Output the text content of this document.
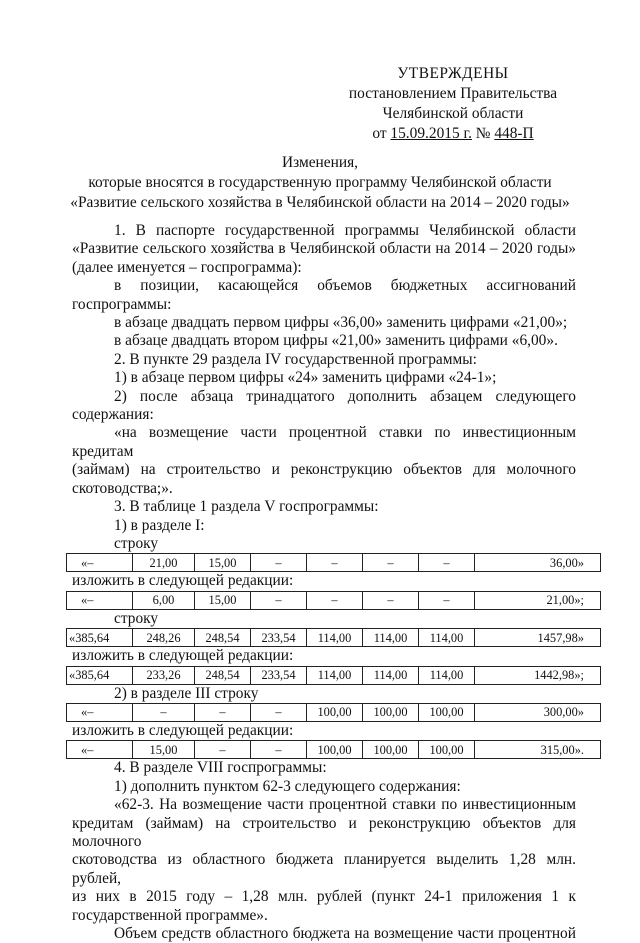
УТВЕРЖДЕНЫ
постановлением Правительства
Челябинской области
от 15.09.2015 г. № 448-П
Изменения,
которые вносятся в государственную программу Челябинской области
«Развитие сельского хозяйства в Челябинской области на 2014 – 2020 годы»

1. В паспорте государственной программы Челябинской области

«Развитие сельского хозяйства в Челябинской области на 2014 – 2020 годы»

(далее именуется – госпрограмма):

в позиции, касающейся объемов бюджетных ассигнований

госпрограммы:

в абзаце двадцать первом цифры «36,00» заменить цифрами «21,00»;

в абзаце двадцать втором цифры «21,00» заменить цифрами «6,00».

2. В пункте 29 раздела IV государственной программы:

1) в абзаце первом цифры «24» заменить цифрами «24-1»;

2) после абзаца тринадцатого дополнить абзацем следующего

содержания:

«на возмещение части процентной ставки по инвестиционным кредитам

(займам) на строительство и реконструкцию объектов для молочного

скотоводства;».

3. В таблице 1 раздела V госпрограммы:

1) в разделе I:

строку

«–	21,00	15,00	–	–	–	–	36,00»

изложить в следующей редакции:

«–	6,00	15,00	–	–	–	–	21,00»;

строку

«385,64	248,26	248,54	233,54	114,00	114,00	114,00	1457,98»

изложить в следующей редакции:

«385,64	233,26	248,54	233,54	114,00	114,00	114,00	1442,98»;

2) в разделе III строку

«–	–	–	–	100,00	100,00	100,00	300,00»

изложить в следующей редакции:

«–	15,00	–	–	100,00	100,00	100,00	315,00».

4. В разделе VIII госпрограммы:

1) дополнить пунктом 62-3 следующего содержания:

«62-3. На возмещение части процентной ставки по инвестиционным

кредитам (займам) на строительство и реконструкцию объектов для молочного

скотоводства из областного бюджета планируется выделить 1,28 млн. рублей,

из них в 2015 году – 1,28 млн. рублей (пункт 24-1 приложения 1 к

государственной программе».

Объем средств областного бюджета на возмещение части процентной
